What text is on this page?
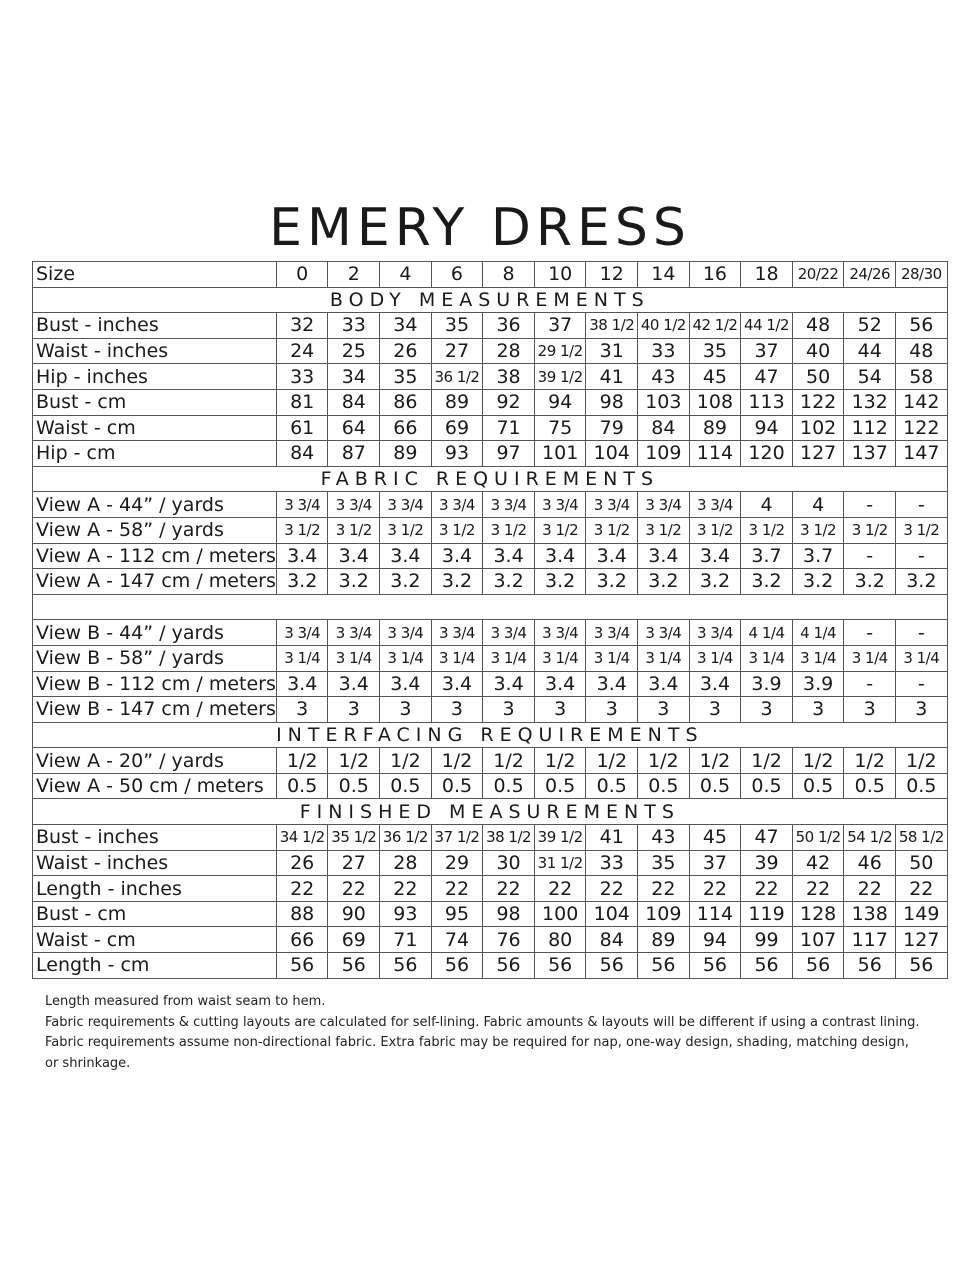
EMERY DRESS
Size	0	2	4	6	8	10	12	14	16	18	20/22	24/26	28/30
BODY MEASUREMENTS													
Bust - inches	32	33	34	35	36	37	38 1/2	40 1/2	42 1/2	44 1/2	48	52	56
Waist - inches	24	25	26	27	28	29 1/2	31	33	35	37	40	44	48
Hip - inches	33	34	35	36 1/2	38	39 1/2	41	43	45	47	50	54	58
Bust - cm	81	84	86	89	92	94	98	103	108	113	122	132	142
Waist - cm	61	64	66	69	71	75	79	84	89	94	102	112	122
Hip - cm	84	87	89	93	97	101	104	109	114	120	127	137	147
FABRIC REQUIREMENTS													
View A - 44” / yards	3 3/4	3 3/4	3 3/4	3 3/4	3 3/4	3 3/4	3 3/4	3 3/4	3 3/4	4	4	-	-
View A - 58” / yards	3 1/2	3 1/2	3 1/2	3 1/2	3 1/2	3 1/2	3 1/2	3 1/2	3 1/2	3 1/2	3 1/2	3 1/2	3 1/2
View A - 112 cm / meters	3.4	3.4	3.4	3.4	3.4	3.4	3.4	3.4	3.4	3.7	3.7	-	-
View A - 147 cm / meters	3.2	3.2	3.2	3.2	3.2	3.2	3.2	3.2	3.2	3.2	3.2	3.2	3.2

View B - 44” / yards	3 3/4	3 3/4	3 3/4	3 3/4	3 3/4	3 3/4	3 3/4	3 3/4	3 3/4	4 1/4	4 1/4	-	-
View B - 58” / yards	3 1/4	3 1/4	3 1/4	3 1/4	3 1/4	3 1/4	3 1/4	3 1/4	3 1/4	3 1/4	3 1/4	3 1/4	3 1/4
View B - 112 cm / meters	3.4	3.4	3.4	3.4	3.4	3.4	3.4	3.4	3.4	3.9	3.9	-	-
View B - 147 cm / meters	3	3	3	3	3	3	3	3	3	3	3	3	3
INTERFACING REQUIREMENTS													
View A - 20” / yards	1/2	1/2	1/2	1/2	1/2	1/2	1/2	1/2	1/2	1/2	1/2	1/2	1/2
View A - 50 cm / meters	0.5	0.5	0.5	0.5	0.5	0.5	0.5	0.5	0.5	0.5	0.5	0.5	0.5
FINISHED MEASUREMENTS													
Bust - inches	34 1/2	35 1/2	36 1/2	37 1/2	38 1/2	39 1/2	41	43	45	47	50 1/2	54 1/2	58 1/2
Waist - inches	26	27	28	29	30	31 1/2	33	35	37	39	42	46	50
Length - inches	22	22	22	22	22	22	22	22	22	22	22	22	22
Bust - cm	88	90	93	95	98	100	104	109	114	119	128	138	149
Waist - cm	66	69	71	74	76	80	84	89	94	99	107	117	127
Length - cm	56	56	56	56	56	56	56	56	56	56	56	56	56

Length measured from waist seam to hem.

Fabric requirements & cutting layouts are calculated for self-lining. Fabric amounts & layouts will be different if using a contrast lining.

Fabric requirements assume non-directional fabric. Extra fabric may be required for nap, one-way design, shading, matching design, or shrinkage.
